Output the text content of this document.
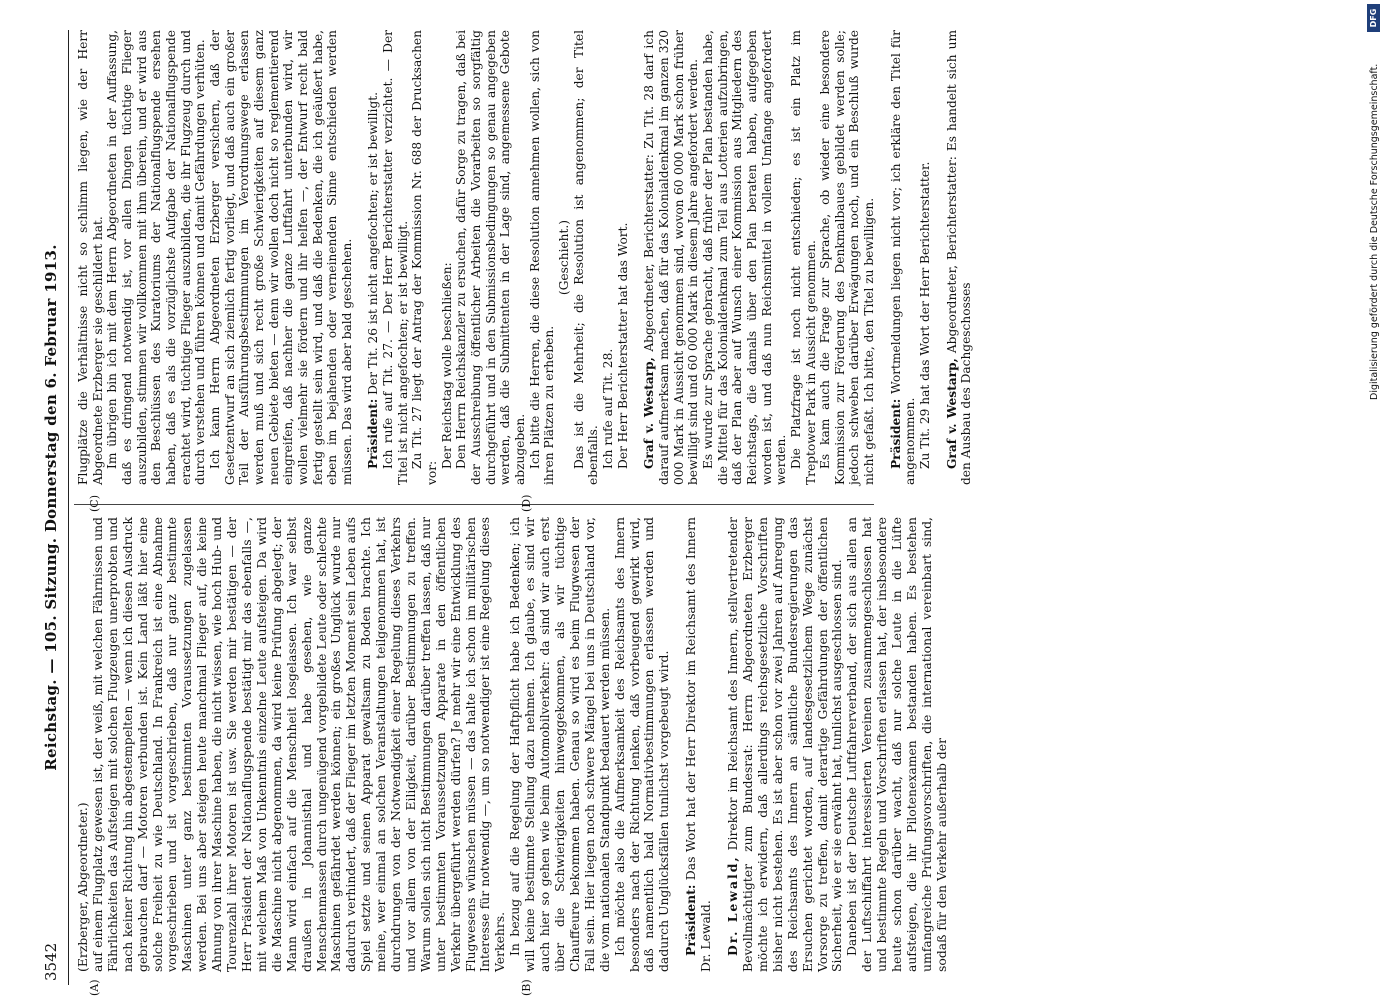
3542
Reichstag. — 105. Sitzung. Donnerstag den 6. Februar 1913.
(A)	(B)
(C)	(D)

(Erzberger, Abgeordneter.) auf einem Flugplatz gewesen ist, der weiß, mit welchen Fährnissen und Fährlichkeiten das Aufsteigen mit solchen Flugzeugen unerprobten und nach keiner Richtung hin abgestempelten — wenn ich diesen Ausdruck gebrauchen darf — Motoren verbunden ist. Kein Land läßt hier eine solche Freiheit zu wie Deutschland. In Frankreich ist eine Abnahme vorgeschrieben und ist vorgeschrieben, daß nur ganz bestimmte Maschinen unter ganz bestimmten Voraussetzungen zugelassen werden. Bei uns aber steigen heute manchmal Flieger auf, die keine Ahnung von ihrer Maschine haben, die nicht wissen, wie hoch Hub- und Tourenzahl ihrer Motoren ist usw. Sie werden mir bestätigen — der Herr Präsident der Nationalflugspende bestätigt mir das ebenfalls —, mit welchem Maß von Unkenntnis einzelne Leute aufsteigen. Da wird die Maschine nicht abgenommen, da wird keine Prüfung abgelegt; der Mann wird einfach auf die Menschheit losgelassen. Ich war selbst draußen in Johannisthal und habe gesehen, wie ganze Menschenmassen durch ungenügend vorgebildete Leute oder schlechte Maschinen gefährdet werden können; ein großes Unglück wurde nur dadurch verhindert, daß der Flieger im letzten Moment sein Leben aufs Spiel setzte und seinen Apparat gewaltsam zu Boden brachte. Ich meine, wer einmal an solchen Veranstaltungen teilgenommen hat, ist durchdrungen von der Notwendigkeit einer Regelung dieses Verkehrs und vor allem von der Eiligkeit, darüber Bestimmungen zu treffen. Warum sollen sich nicht Bestimmungen darüber treffen lassen, daß nur unter bestimmten Voraussetzungen Apparate in den öffentlichen Verkehr übergeführt werden dürfen? Je mehr wir eine Entwicklung des Flugwesens wünschen müssen — das halte ich schon im militärischen Interesse für notwendig —, um so notwendiger ist eine Regelung dieses Verkehrs. In bezug auf die Regelung der Haftpflicht habe ich Bedenken; ich will keine bestimmte Stellung dazu nehmen. Ich glaube, es sind wir auch hier so gehen wie beim Automobilverkehr: da sind wir auch erst über die Schwierigkeiten hinweggekommen, als wir tüchtige Chauffeure bekommen haben. Genau so wird es beim Flugwesen der Fall sein. Hier liegen noch schwere Mängel bei uns in Deutschland vor, die vom nationalen Standpunkt bedauert werden müssen. Ich möchte also die Aufmerksamkeit des Reichsamts des Innern besonders nach der Richtung lenken, daß vorbeugend gewirkt wird, daß namentlich bald Normativbestimmungen erlassen werden und dadurch Unglücksfällen tunlichst vorgebeugt wird. Präsident: Das Wort hat der Herr Direktor im Reichsamt des Innern Dr. Lewald. Dr. Lewald, Direktor im Reichsamt des Innern, stellvertretender Bevollmächtigter zum Bundesrat: Herrn Abgeordneten Erzberger möchte ich erwidern, daß allerdings reichsgesetzliche Vorschriften bisher nicht bestehen. Es ist aber schon vor zwei Jahren auf Anregung des Reichsamts des Innern an sämtliche Bundesregierungen das Ersuchen gerichtet worden, auf landesgesetzlichem Wege zunächst Vorsorge zu treffen, damit derartige Gefährdungen der öffentlichen Sicherheit, wie er sie erwähnt hat, tunlichst ausgeschlossen sind. Daneben ist der Deutsche Luftfahrerverband, der sich aus allen an der Luftschiffahrt interessierten Vereinen zusammengeschlossen hat und bestimmte Regeln und Vorschriften erlassen hat, der insbesondere heute schon darüber wacht, daß nur solche Leute in die Lüfte aufsteigen, die ihr Pilotenexamen bestanden haben. Es bestehen umfangreiche Prüfungsvorschriften, die international vereinbart sind, sodaß für den Verkehr außerhalb der

Flugplätze die Verhältnisse nicht so schlimm liegen, wie der Herr Abgeordnete Erzberger sie geschildert hat. Im übrigen bin ich mit dem Herrn Abgeordneten in der Auffassung, daß es dringend notwendig ist, vor allen Dingen tüchtige Flieger auszubilden, stimmen wir vollkommen mit ihm überein, und er wird aus den Beschlüssen des Kuratoriums der Nationalflugspende ersehen haben, daß es als die vorzüglichste Aufgabe der Nationalflugspende erachtet wird, tüchtige Flieger auszubilden, die ihr Flugzeug durch und durch verstehen und führen können und damit Gefährdungen verhüten. Ich kann Herrn Abgeordneten Erzberger versichern, daß der Gesetzentwurf an sich ziemlich fertig vorliegt, und daß auch ein großer Teil der Ausführungsbestimmungen im Verordnungswege erlassen werden muß und sich recht große Schwierigkeiten auf diesem ganz neuen Gebiete bieten — denn wir wollen doch nicht so reglementierend eingreifen, daß nachher die ganze Luftfahrt unterbunden wird, wir wollen vielmehr sie fördern und ihr helfen —, der Entwurf recht bald fertig gestellt sein wird, und daß die Bedenken, die ich geäußert habe, eben im bejahenden oder verneinenden Sinne entschieden werden müssen. Das wird aber bald geschehen. Präsident: Der Tit. 26 ist nicht angefochten; er ist bewilligt. Ich rufe auf Tit. 27. — Der Herr Berichterstatter verzichtet. — Der Titel ist nicht angefochten; er ist bewilligt. Zu Tit. 27 liegt der Antrag der Kommission Nr. 688 der Drucksachen vor:

Der Reichstag wolle beschließen: Den Herrn Reichskanzler zu ersuchen, dafür Sorge zu tragen, daß bei der Ausschreibung öffentlicher Arbeiten die Vorarbeiten so sorgfältig durchgeführt und in den Submissionsbedingungen so genau angegeben werden, daß die Submittenten in der Lage sind, angemessene Gebote abzugeben. Ich bitte die Herren, die diese Resolution annehmen wollen, sich von ihren Plätzen zu erheben.

(Geschieht.) Das ist die Mehrheit; die Resolution ist angenommen; der Titel ebenfalls. Ich rufe auf Tit. 28. Der Herr Berichterstatter hat das Wort. Graf v. Westarp, Abgeordneter, Berichterstatter: Zu Tit. 28 darf ich darauf aufmerksam machen, daß für das Kolonialdenkmal im ganzen 320 000 Mark in Aussicht genommen sind, wovon 60 000 Mark schon früher bewilligt sind und 60 000 Mark in diesem Jahre angefordert werden. Es wurde zur Sprache gebracht, daß früher der Plan bestanden habe, die Mittel für das Kolonialdenkmal zum Teil aus Lotterien aufzubringen, daß der Plan aber auf Wunsch einer Kommission aus Mitgliedern des Reichstags, die damals über den Plan beraten haben, aufgegeben worden ist, und daß nun Reichsmittel in vollem Umfange angefordert werden. Die Platzfrage ist noch nicht entschieden; es ist ein Platz im Treptower Park in Aussicht genommen. Es kam auch die Frage zur Sprache, ob wieder eine besondere Kommission zur Förderung des Denkmalbaues gebildet werden solle; jedoch schweben darüber Erwägungen noch, und ein Beschluß wurde nicht gefaßt. Ich bitte, den Titel zu bewilligen. Präsident: Wortmeldungen liegen nicht vor; ich erkläre den Titel für angenommen. Zu Tit. 29 hat das Wort der Herr Berichterstatter. Graf v. Westarp, Abgeordneter, Berichterstatter: Es handelt sich um den Ausbau des Dachgeschosses	Digitalisierung gefördert durch die Deutsche Forschungsgemeinschaft.
DFG
